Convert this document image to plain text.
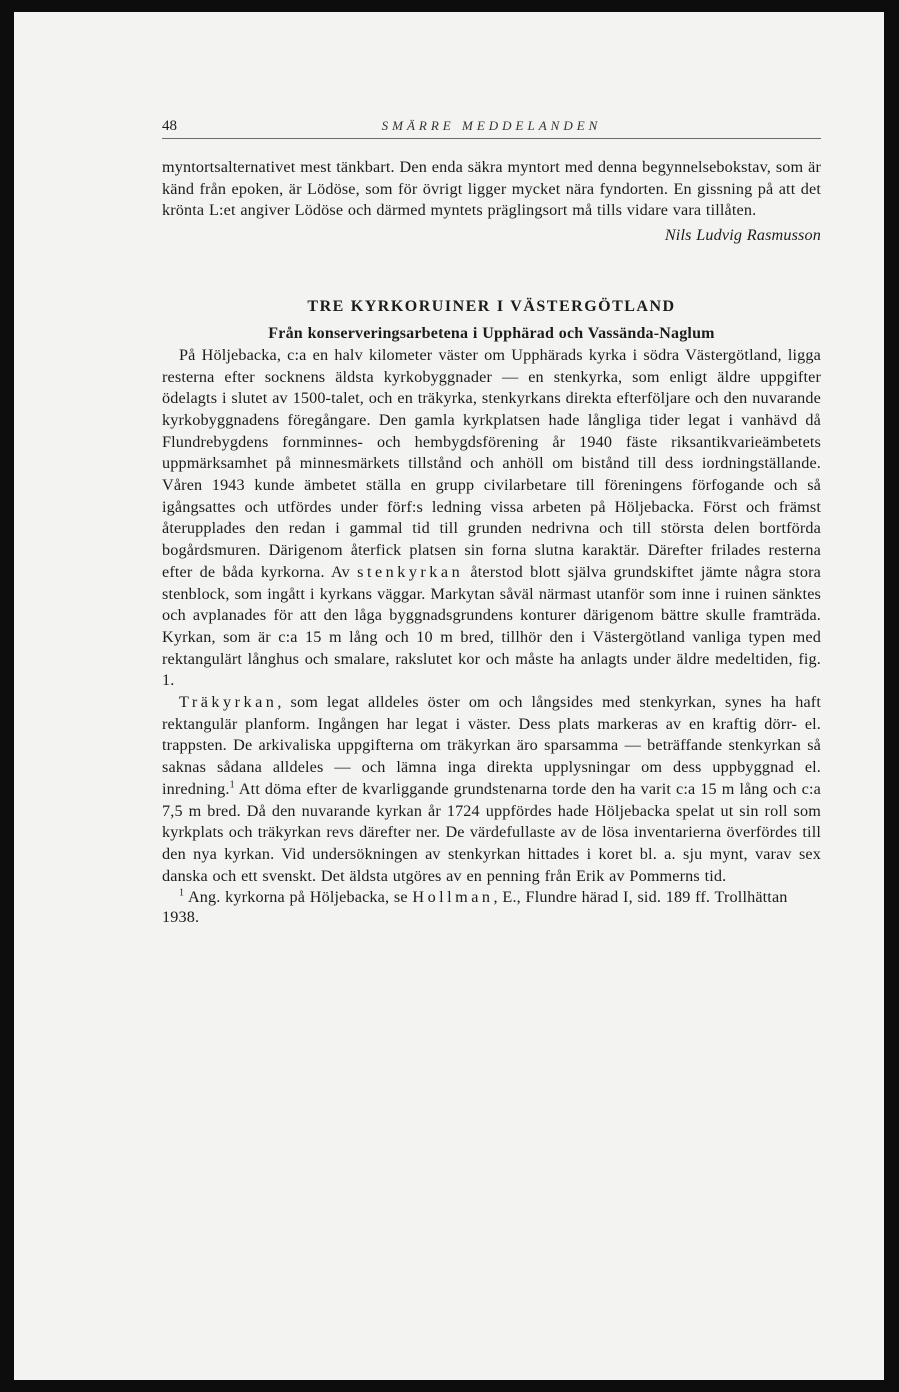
48	SMÄRRE MEDDELANDEN

myntortsalternativet mest tänkbart. Den enda säkra myntort med denna begynnelsebokstav, som är känd från epoken, är Lödöse, som för övrigt ligger mycket nära fyndorten. En gissning på att det krönta L:et angiver Lödöse och därmed myntets präglingsort må tills vidare vara tillåten.

Nils Ludvig Rasmusson

TRE KYRKORUINER I VÄSTERGÖTLAND
Från konserveringsarbetena i Upphärad och Vassända-Naglum

På Höljebacka, c:a en halv kilometer väster om Upphärads kyrka i södra Västergötland, ligga resterna efter socknens äldsta kyrkobyggnader — en stenkyrka, som enligt äldre uppgifter ödelagts i slutet av 1500-talet, och en träkyrka, stenkyrkans direkta efterföljare och den nuvarande kyrkobyggnadens föregångare. Den gamla kyrkplatsen hade långliga tider legat i vanhävd då Flundrebygdens fornminnes- och hembygdsförening år 1940 fäste riksantikvarieämbetets uppmärksamhet på minnesmärkets tillstånd och anhöll om bistånd till dess iordningställande. Våren 1943 kunde ämbetet ställa en grupp civilarbetare till föreningens förfogande och så igångsattes och utfördes under förf:s ledning vissa arbeten på Höljebacka. Först och främst återupplades den redan i gammal tid till grunden nedrivna och till största delen bortförda bogårdsmuren. Därigenom återfick platsen sin forna slutna karaktär. Därefter frilades resterna efter de båda kyrkorna. Av stenkyrkan återstod blott själva grundskiftet jämte några stora stenblock, som ingått i kyrkans väggar. Markytan såväl närmast utanför som inne i ruinen sänktes och avplanades för att den låga byggnadsgrundens konturer därigenom bättre skulle framträda. Kyrkan, som är c:a 15 m lång och 10 m bred, tillhör den i Västergötland vanliga typen med rektangulärt långhus och smalare, rakslutet kor och måste ha anlagts under äldre medeltiden, fig. 1.

Träkyrkan, som legat alldeles öster om och långsides med stenkyrkan, synes ha haft rektangulär planform. Ingången har legat i väster. Dess plats markeras av en kraftig dörr- el. trappsten. De arkivaliska uppgifterna om träkyrkan äro sparsamma — beträffande stenkyrkan så saknas sådana alldeles — och lämna inga direkta upplysningar om dess uppbyggnad el. inredning.$^1$ Att döma efter de kvarliggande grundstenarna torde den ha varit c:a 15 m lång och c:a 7,5 m bred. Då den nuvarande kyrkan år 1724 uppfördes hade Höljebacka spelat ut sin roll som kyrkplats och träkyrkan revs därefter ner. De värdefullaste av de lösa inventarierna överfördes till den nya kyrkan. Vid undersökningen av stenkyrkan hittades i koret bl. a. sju mynt, varav sex danska och ett svenskt. Det äldsta utgöres av en penning från Erik av Pommerns tid.

$^1$ Ang. kyrkorna på Höljebacka, se Hollman, E., Flundre härad I, sid. 189 ff. Trollhättan 1938.
